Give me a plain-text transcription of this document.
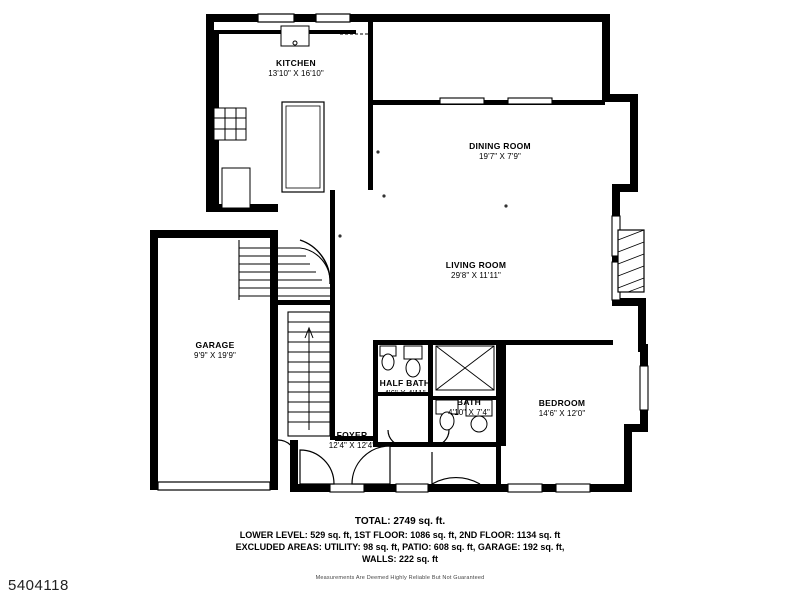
KITCHEN
13'10" X 16'10"
DINING ROOM
19'7" X 7'9"
LIVING ROOM
29'8" X 11'11"
GARAGE
9'9" X 19'9"
HALF BATH
4'6" X 4'11"
BATH
4'10" X 7'4"
BEDROOM
14'6" X 12'0"
FOYER
12'4" X 12'4"
TOTAL: 2749 sq. ft.
LOWER LEVEL: 529 sq. ft, 1ST FLOOR: 1086 sq. ft, 2ND FLOOR: 1134 sq. ft
EXCLUDED AREAS: UTILITY: 98 sq. ft, PATIO: 608 sq. ft, GARAGE: 192 sq. ft,
WALLS: 222 sq. ft
Measurements Are Deemed Highly Reliable But Not Guaranteed
5404118
